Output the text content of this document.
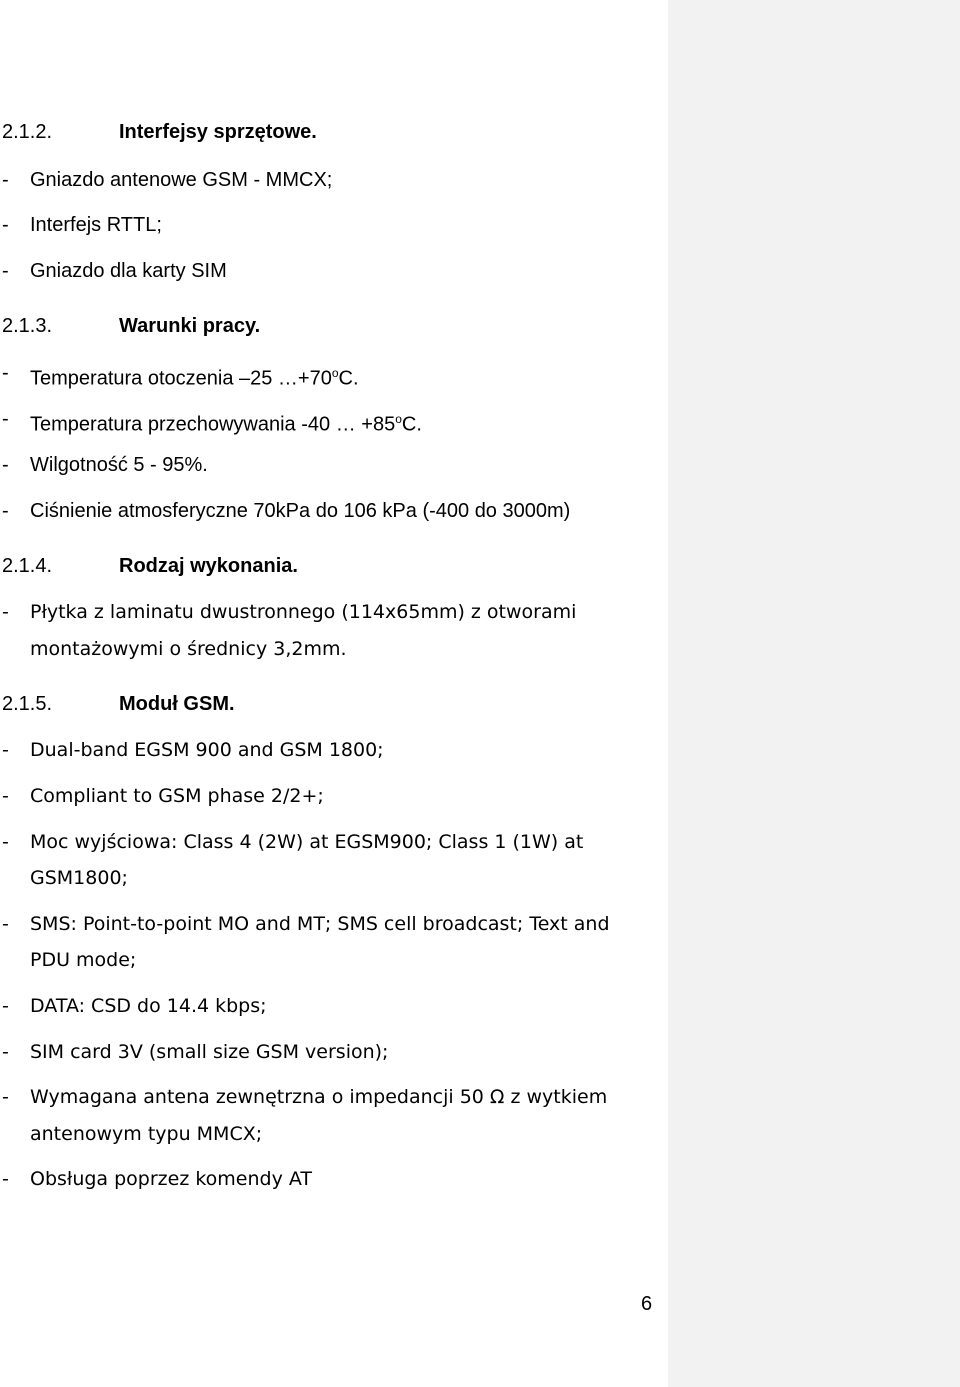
2.1.2.	Interfejsy sprzętowe.
- Gniazdo antenowe GSM - MMCX;
- Interfejs RTTL;
- Gniazdo dla karty SIM
2.1.3.	Warunki pracy.
- Temperatura otoczenia –25 $\dots+70^oC$.
- Temperatura przechowywania -40 … $+85^oC$.
- Wilgotność 5 - 95%.
- Ciśnienie atmosferyczne 70kPa do 106 kPa (-400 do 3000m)
2.1.4.	Rodzaj wykonania.
- Płytka z laminatu dwustronnego (114x65mm) z otworami
montażowymi o średnicy 3,2mm.
2.1.5.	Moduł GSM.
- Dual-band EGSM 900 and GSM 1800;
- Compliant to GSM phase 2/2+;
- Moc wyjściowa: Class 4 (2W) at EGSM900; Class 1 (1W) at
GSM1800;
- SMS: Point-to-point MO and MT; SMS cell broadcast; Text and
PDU mode;
- DATA: CSD do 14.4 kbps;
- SIM card 3V (small size GSM version);
- Wymagana antena zewnętrzna o impedancji 50 Ω z wytkiem
antenowym typu MMCX;
- Obsługa poprzez komendy AT
6
